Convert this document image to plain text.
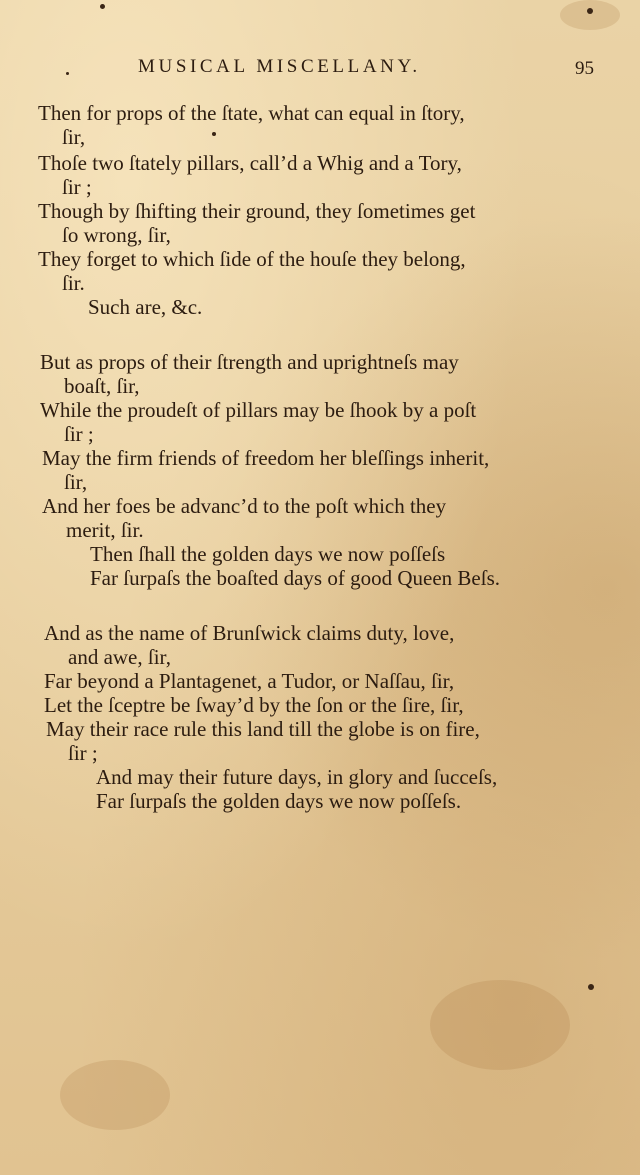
MUSICAL MISCELLANY.	95
Then for props of the ſtate, what can equal in ſtory,
ſir,
Thoſe two ſtately pillars, call’d a Whig and a Tory,
ſir ;
Though by ſhifting their ground, they ſometimes get
ſo wrong, ſir,
They forget to which ſide of the houſe they belong,
ſir.
Such are, &c.
But as props of their ſtrength and uprightneſs may
boaſt, ſir,
While the proudeſt of pillars may be ſhook by a poſt
ſir ;
May the firm friends of freedom her bleſſings inherit,
ſir,
And her foes be advanc’d to the poſt which they
merit, ſir.
Then ſhall the golden days we now poſſeſs
Far ſurpaſs the boaſted days of good Queen Beſs.
And as the name of Brunſwick claims duty, love,
and awe, ſir,
Far beyond a Plantagenet, a Tudor, or Naſſau, ſir,
Let the ſceptre be ſway’d by the ſon or the ſire, ſir,
May their race rule this land till the globe is on fire,
ſir ;
And may their future days, in glory and ſucceſs,
Far ſurpaſs the golden days we now poſſeſs.
